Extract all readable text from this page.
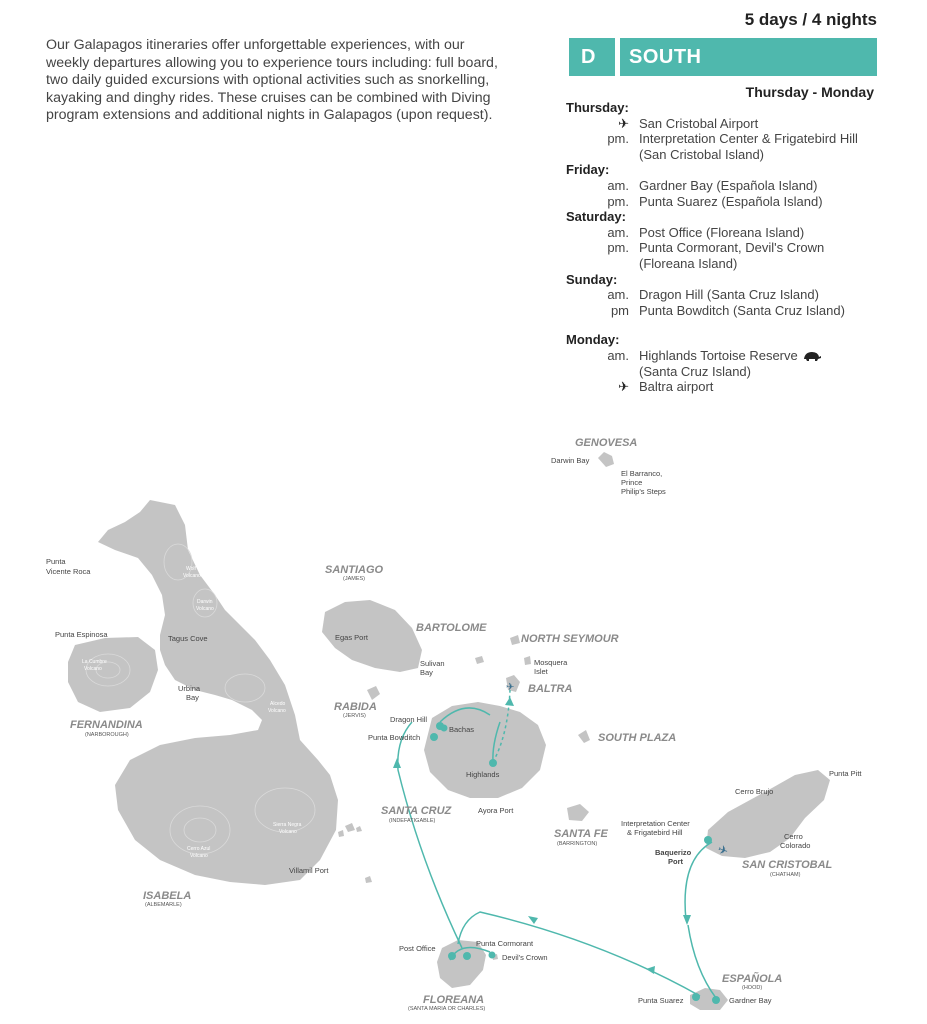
Our Galapagos itineraries offer unforgettable experiences, with our weekly departures allowing you to experience tours including: full board, two daily guided excursions with optional activities such as snorkelling, kayaking and dinghy rides. These cruises can be combined with Diving program extensions and additional nights in Galapagos (upon request).
5 days / 4 nights
D SOUTH
Thursday - Monday
Thursday:
✈ San Cristobal Airport
pm. Interpretation Center & Frigatebird Hill
(San Cristobal Island)
Friday:
am. Gardner Bay (Española Island)
pm. Punta Suarez (Española Island)
Saturday:
am. Post Office (Floreana Island)
pm. Punta Cormorant, Devil's Crown
(Floreana Island)
Sunday:
am. Dragon Hill (Santa Cruz Island)
pm Punta Bowditch (Santa Cruz Island)
Monday:
am. Highlands Tortoise Reserve
(Santa Cruz Island)
✈ Baltra airport
✈
✈
GENOVESA
SANTIAGO
(JAMES)
BARTOLOME
NORTH SEYMOUR
BALTRA
RABIDA
(JERVIS)
SOUTH PLAZA
SANTA CRUZ
(INDEFATIGABLE)
SANTA FE
(BARRINGTON)
SAN CRISTOBAL
(CHATHAM)
FERNANDINA
(NARBOROUGH)
ISABELA
(ALBEMARLE)
FLOREANA
(SANTA MARIA OR CHARLES)
ESPAÑOLA
(HOOD)
Darwin Bay
El Barranco,
Prince
Philip's Steps
Punta
Vicente Roca
Punta Espinosa	Tagus Cove
Urbina
Bay
Villamil Port
Egas Port
Sulivan
Bay
Mosquera
Islet
Dragon Hill
Bachas
Punta Bowditch
Highlands
Ayora Port
Cerro Brujo
Punta Pitt
Interpretation Center
& Frigatebird Hill	Cerro
Colorado
Post Office
Punta Cormorant
Devil's Crown
Punta Suarez	Gardner Bay
Baquerizo
Port
Wolf
Volcano
Darwin
Volcano
La Cumbre
Volcano
Alcedo
Volcano
Sierra Negra
Volcano
Cerro Azul
Volcano
